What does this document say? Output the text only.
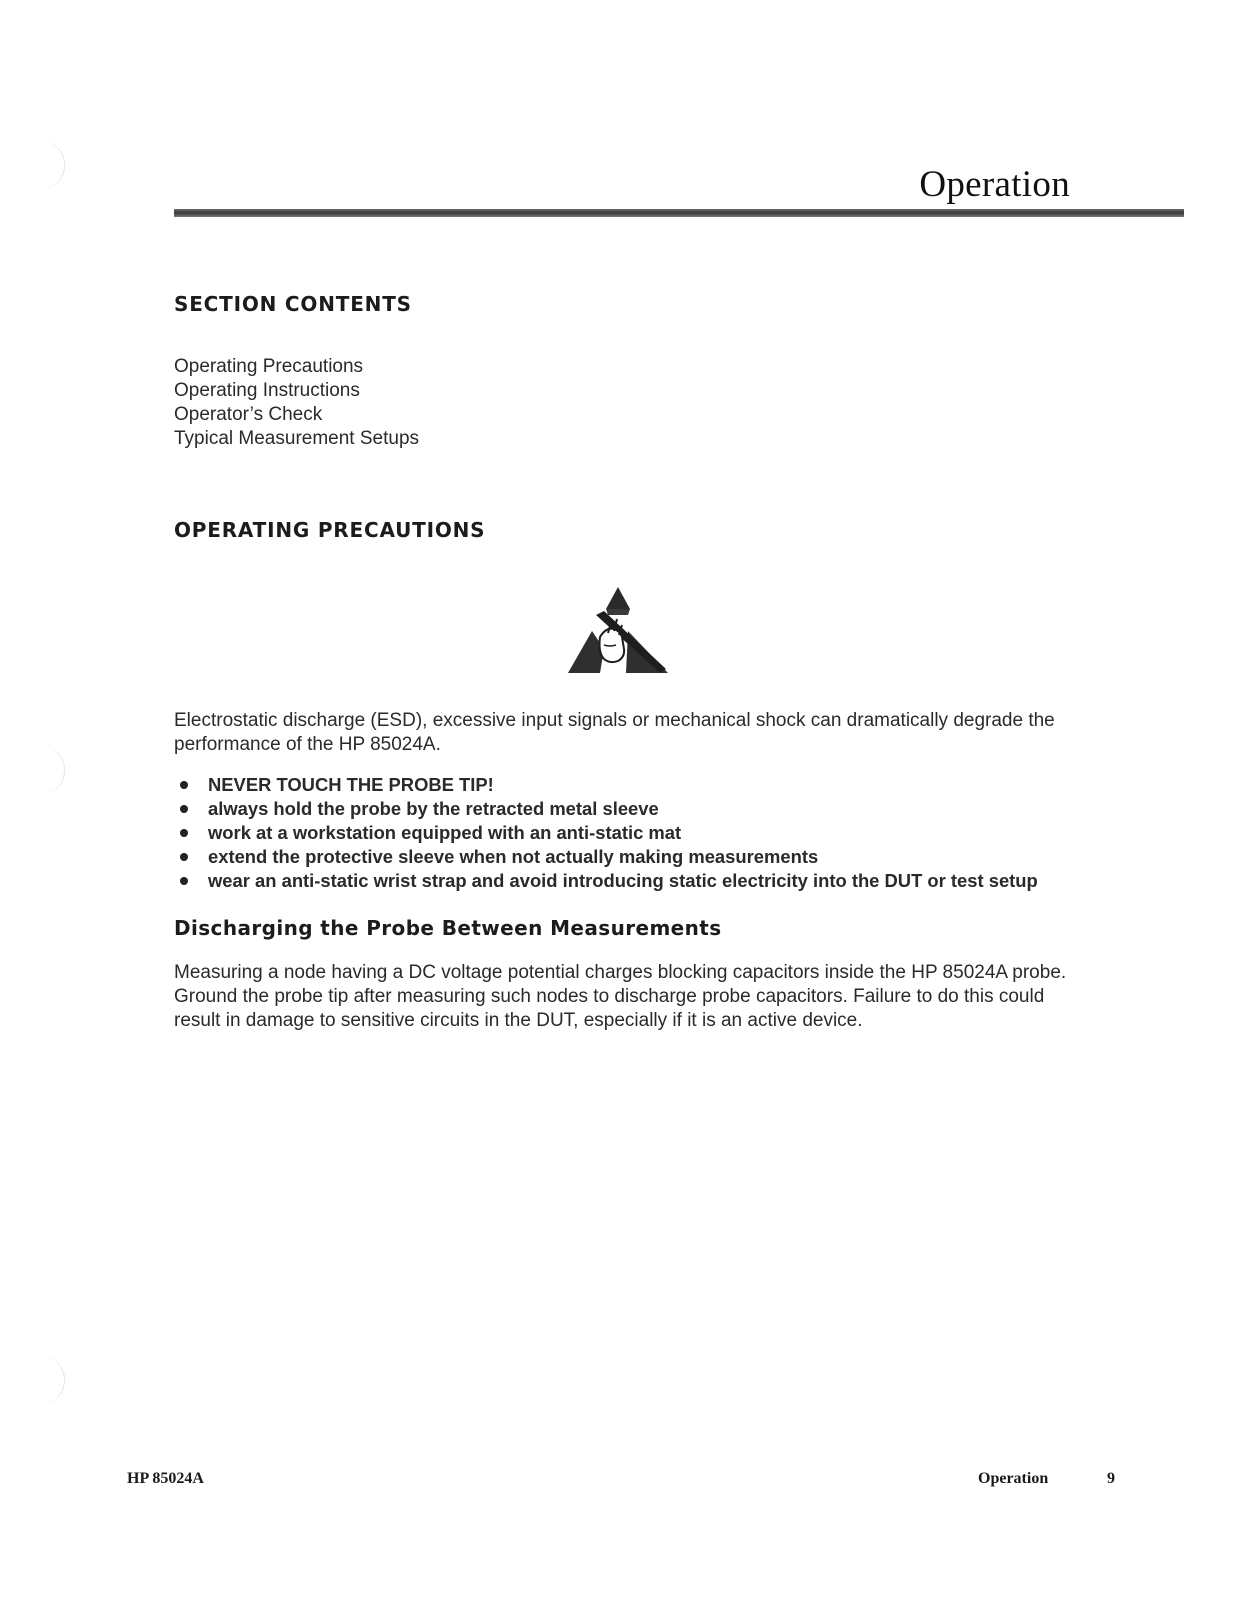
Operation
SECTION CONTENTS
Operating Precautions
Operating Instructions
Operator’s Check
Typical Measurement Setups
OPERATING PRECAUTIONS

Electrostatic discharge (ESD), excessive input signals or mechanical shock can dramatically degrade the performance of the HP 85024A.

NEVER TOUCH THE PROBE TIP!
always hold the probe by the retracted metal sleeve
work at a workstation equipped with an anti-static mat
extend the protective sleeve when not actually making measurements
wear an anti-static wrist strap and avoid introducing static electricity into the DUT or test setup
Discharging the Probe Between Measurements

Measuring a node having a DC voltage potential charges blocking capacitors inside the HP 85024A probe. Ground the probe tip after measuring such nodes to discharge probe capacitors. Failure to do this could result in damage to sensitive circuits in the DUT, especially if it is an active device.

HP 85024A	Operation	9
